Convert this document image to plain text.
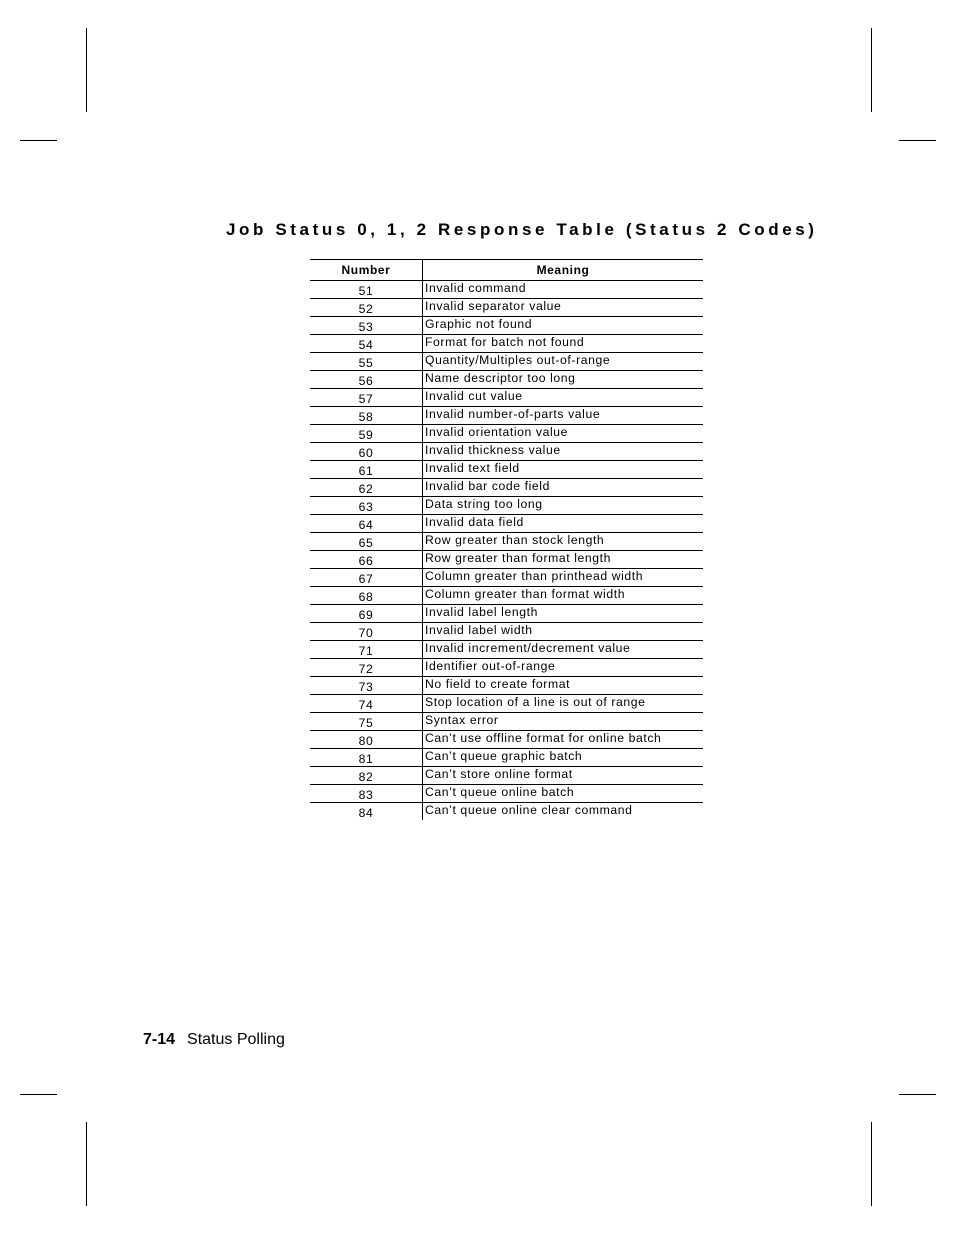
Job Status 0, 1, 2 Response Table (Status 2 Codes)
Number	Meaning
51	Invalid command
52	Invalid separator value
53	Graphic not found
54	Format for batch not found
55	Quantity/Multiples out-of-range
56	Name descriptor too long
57	Invalid cut value
58	Invalid number-of-parts value
59	Invalid orientation value
60	Invalid thickness value
61	Invalid text field
62	Invalid bar code field
63	Data string too long
64	Invalid data field
65	Row greater than stock length
66	Row greater than format length
67	Column greater than printhead width
68	Column greater than format width
69	Invalid label length
70	Invalid label width
71	Invalid increment/decrement value
72	Identifier out-of-range
73	No field to create format
74	Stop location of a line is out of range
75	Syntax error
80	Can’t use offline format for online batch
81	Can’t queue graphic batch
82	Can’t store online format
83	Can’t queue online batch
84	Can’t queue online clear command
7-14 Status Polling
